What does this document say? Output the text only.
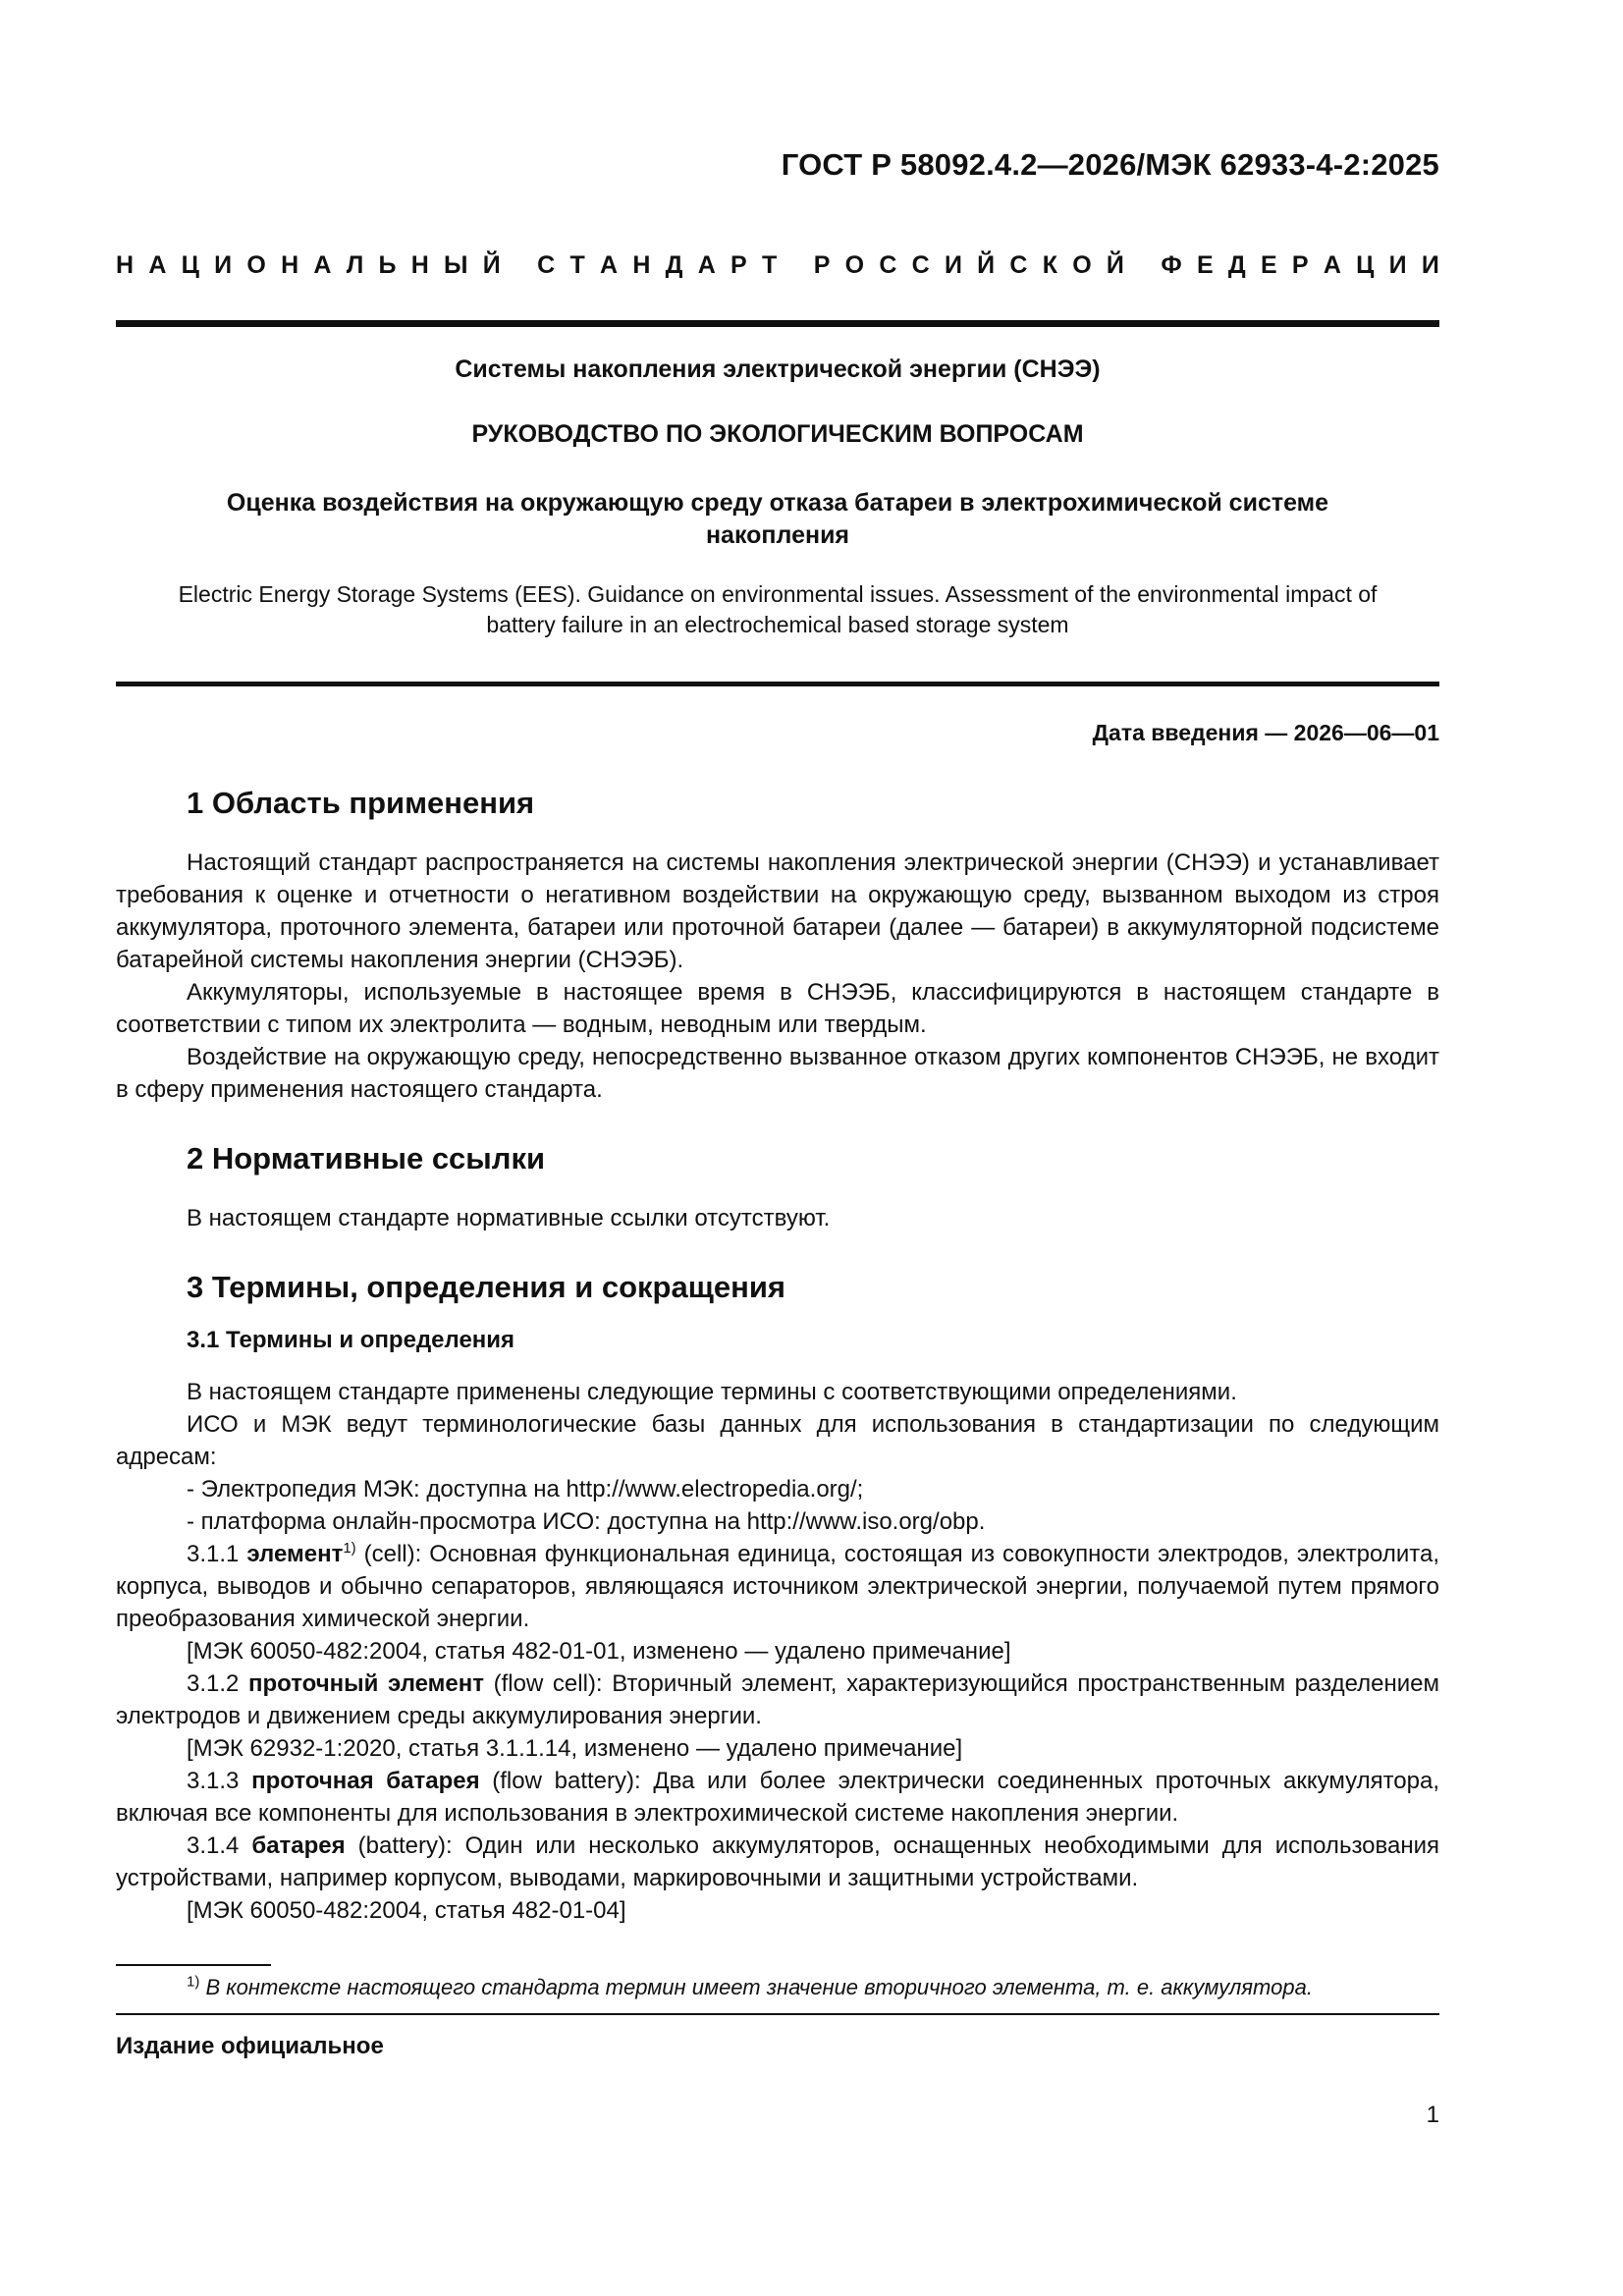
ГОСТ Р 58092.4.2—2026/МЭК 62933-4-2:2025
Н А Ц И О Н А Л Ь Н Ы Й
С Т А Н Д А Р Т
Р О С С И Й С К О Й
Ф Е Д Е Р А Ц И И
Системы накопления электрической энергии (СНЭЭ)
РУКОВОДСТВО ПО ЭКОЛОГИЧЕСКИМ ВОПРОСАМ
Оценка воздействия на окружающую среду отказа батареи в электрохимической системе накопления
Electric Energy Storage Systems (EES). Guidance on environmental issues. Assessment of the environmental impact of battery failure in an electrochemical based storage system
Дата введения — 2026—06—01
1 Область применения

Настоящий стандарт распространяется на системы накопления электрической энергии (СНЭЭ) и устанавливает требования к оценке и отчетности о негативном воздействии на окружающую среду, вызванном выходом из строя аккумулятора, проточного элемента, батареи или проточной батареи (далее — батареи) в аккумуляторной подсистеме батарейной системы накопления энергии (СНЭЭБ).

Аккумуляторы, используемые в настоящее время в СНЭЭБ, классифицируются в настоящем стандарте в соответствии с типом их электролита — водным, неводным или твердым.

Воздействие на окружающую среду, непосредственно вызванное отказом других компонентов СНЭЭБ, не входит в сферу применения настоящего стандарта.

2 Нормативные ссылки

В настоящем стандарте нормативные ссылки отсутствуют.

3 Термины, определения и сокращения
3.1 Термины и определения

В настоящем стандарте применены следующие термины с соответствующими определениями.

ИСО и МЭК ведут терминологические базы данных для использования в стандартизации по следующим адресам:

- Электропедия МЭК: доступна на http://www.electropedia.org/;

- платформа онлайн-просмотра ИСО: доступна на http://www.iso.org/obp.

3.1.1 элемент$^{1)}$ (cell): Основная функциональная единица, состоящая из совокупности электродов, электролита, корпуса, выводов и обычно сепараторов, являющаяся источником электрической энергии, получаемой путем прямого преобразования химической энергии.

[МЭК 60050-482:2004, статья 482-01-01, изменено — удалено примечание]

3.1.2 проточный элемент (flow cell): Вторичный элемент, характеризующийся пространственным разделением электродов и движением среды аккумулирования энергии.

[МЭК 62932-1:2020, статья 3.1.1.14, изменено — удалено примечание]

3.1.3 проточная батарея (flow battery): Два или более электрически соединенных проточных аккумулятора, включая все компоненты для использования в электрохимической системе накопления энергии.

3.1.4 батарея (battery): Один или несколько аккумуляторов, оснащенных необходимыми для использования устройствами, например корпусом, выводами, маркировочными и защитными устройствами.

[МЭК 60050-482:2004, статья 482-01-04]

$^{1)}$ В контексте настоящего стандарта термин имеет значение вторичного элемента, т. е. аккумулятора.
Издание официальное
1
